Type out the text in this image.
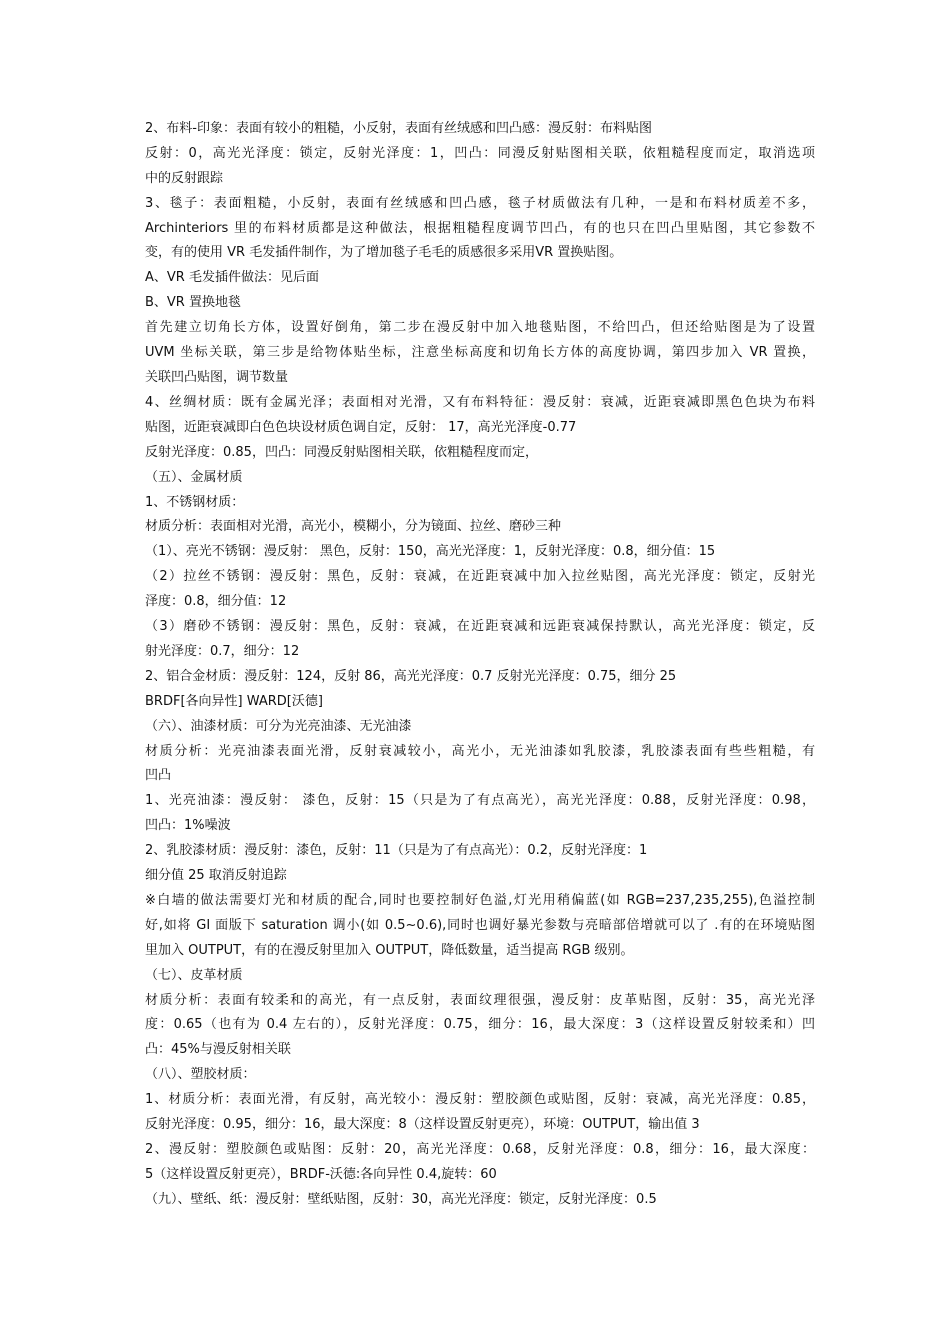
2、布料-印象：表面有较小的粗糙，小反射，表面有丝绒感和凹凸感：漫反射：布料贴图

反射：0，高光光泽度：锁定，反射光泽度：1，凹凸：同漫反射贴图相关联，依粗糙程度而定，取消选项

中的反射跟踪

3、毯子：表面粗糙，小反射，表面有丝绒感和凹凸感，毯子材质做法有几种，一是和布料材质差不多，

Archinteriors 里的布料材质都是这种做法，根据粗糙程度调节凹凸，有的也只在凹凸里贴图，其它参数不

变，有的使用 VR 毛发插件制作，为了增加毯子毛毛的质感很多采用VR 置换贴图。

A、VR 毛发插件做法：见后面

B、VR 置换地毯

首先建立切角长方体，设置好倒角，第二步在漫反射中加入地毯贴图，不给凹凸，但还给贴图是为了设置

UVM 坐标关联，第三步是给物体贴坐标，注意坐标高度和切角长方体的高度协调，第四步加入 VR 置换，

关联凹凸贴图，调节数量

4、丝绸材质：既有金属光泽；表面相对光滑，又有布料特征：漫反射：衰减，近距衰减即黑色色块为布料

贴图，近距衰减即白色色块设材质色调自定，反射： 17，高光光泽度-0.77

反射光泽度：0.85，凹凸：同漫反射贴图相关联，依粗糙程度而定，

（五）、金属材质

1、不锈钢材质：

材质分析：表面相对光滑，高光小，模糊小，分为镜面、拉丝、磨砂三种

（1）、亮光不锈钢：漫反射： 黑色，反射：150，高光光泽度：1，反射光泽度：0.8，细分值：15

（2）拉丝不锈钢：漫反射：黑色，反射：衰减，在近距衰减中加入拉丝贴图，高光光泽度：锁定，反射光

泽度：0.8，细分值：12

（3）磨砂不锈钢：漫反射：黑色，反射：衰减，在近距衰减和远距衰减保持默认，高光光泽度：锁定，反

射光泽度：0.7，细分：12

2、铝合金材质：漫反射：124，反射 86，高光光泽度：0.7 反射光光泽度：0.75，细分 25

BRDF[各向异性] WARD[沃德]

（六）、油漆材质：可分为光亮油漆、无光油漆

材质分析：光亮油漆表面光滑，反射衰减较小，高光小，无光油漆如乳胶漆，乳胶漆表面有些些粗糙，有

凹凸

1、光亮油漆：漫反射： 漆色，反射：15（只是为了有点高光），高光光泽度：0.88，反射光泽度：0.98，

凹凸：1%噪波

2、乳胶漆材质：漫反射：漆色，反射：11（只是为了有点高光）：0.2，反射光泽度：1

细分值 25 取消反射追踪

※白墙的做法需要灯光和材质的配合,同时也要控制好色溢,灯光用稍偏蓝(如 RGB=237,235,255),色溢控制

好,如将 GI 面版下 saturation 调小(如 0.5~0.6),同时也调好暴光参数与亮暗部倍增就可以了 .有的在环境贴图

里加入 OUTPUT，有的在漫反射里加入 OUTPUT，降低数量，适当提高 RGB 级别。

（七）、皮革材质

材质分析：表面有较柔和的高光，有一点反射，表面纹理很强，漫反射：皮革贴图，反射：35，高光光泽

度：0.65（也有为 0.4 左右的），反射光泽度：0.75，细分：16，最大深度：3（这样设置反射较柔和）凹

凸：45%与漫反射相关联

（八）、塑胶材质：

1、材质分析：表面光滑，有反射，高光较小：漫反射：塑胶颜色或贴图，反射：衰减，高光光泽度：0.85，

反射光泽度：0.95，细分：16，最大深度：8（这样设置反射更亮），环境：OUTPUT，输出值 3

2、漫反射：塑胶颜色或贴图：反射：20，高光光泽度：0.68，反射光泽度：0.8，细分：16，最大深度：

5（这样设置反射更亮），BRDF-沃德:各向异性 0.4,旋转：60

（九）、壁纸、纸：漫反射：壁纸贴图，反射：30，高光光泽度：锁定，反射光泽度：0.5
